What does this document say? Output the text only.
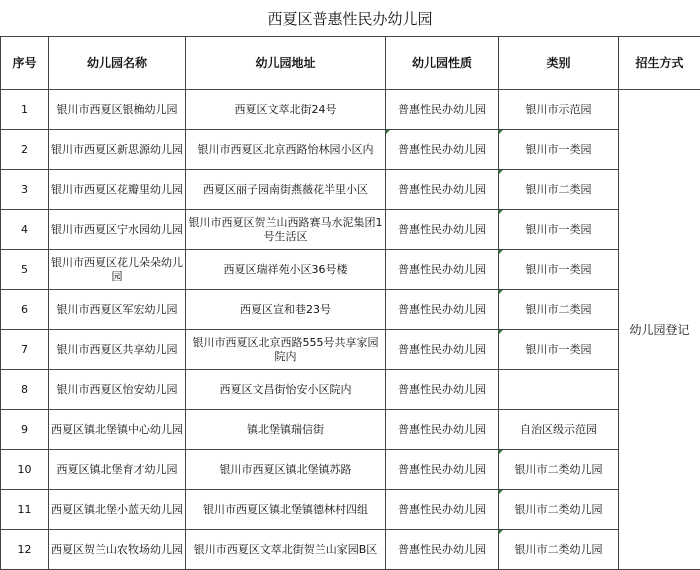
西夏区普惠性民办幼儿园
序号	幼儿园名称	幼儿园地址	幼儿园性质	类别	招生方式
1	银川市西夏区银桷幼儿园	西夏区文萃北街24号	普惠性民办幼儿园	银川市示范园	幼儿园登记
2	银川市西夏区新思源幼儿园	银川市西夏区北京西路怡林园小区内	普惠性民办幼儿园	银川市一类园	
3	银川市西夏区花瓣里幼儿园	西夏区丽子园南街燕薇花半里小区	普惠性民办幼儿园	银川市二类园	
4	银川市西夏区宁水园幼儿园	银川市西夏区贺兰山西路赛马水泥集团1号生活区	普惠性民办幼儿园	银川市一类园	
5	银川市西夏区花儿朵朵幼儿园	西夏区瑞祥苑小区36号楼	普惠性民办幼儿园	银川市一类园	
6	银川市西夏区军宏幼儿园	西夏区宣和巷23号	普惠性民办幼儿园	银川市二类园	
7	银川市西夏区共享幼儿园	银川市西夏区北京西路555号共享家园院内	普惠性民办幼儿园	银川市一类园	
8	银川市西夏区怡安幼儿园	西夏区文昌街怡安小区院内	普惠性民办幼儿园		
9	西夏区镇北堡镇中心幼儿园	镇北堡镇瑞信街	普惠性民办幼儿园	自治区级示范园	
10	西夏区镇北堡育才幼儿园	银川市西夏区镇北堡镇苏路	普惠性民办幼儿园	银川市二类幼儿园	
11	西夏区镇北堡小蓝天幼儿园	银川市西夏区镇北堡镇德林村四组	普惠性民办幼儿园	银川市二类幼儿园	
12	西夏区贺兰山农牧场幼儿园	银川市西夏区文萃北街贺兰山家园B区	普惠性民办幼儿园	银川市二类幼儿园	
